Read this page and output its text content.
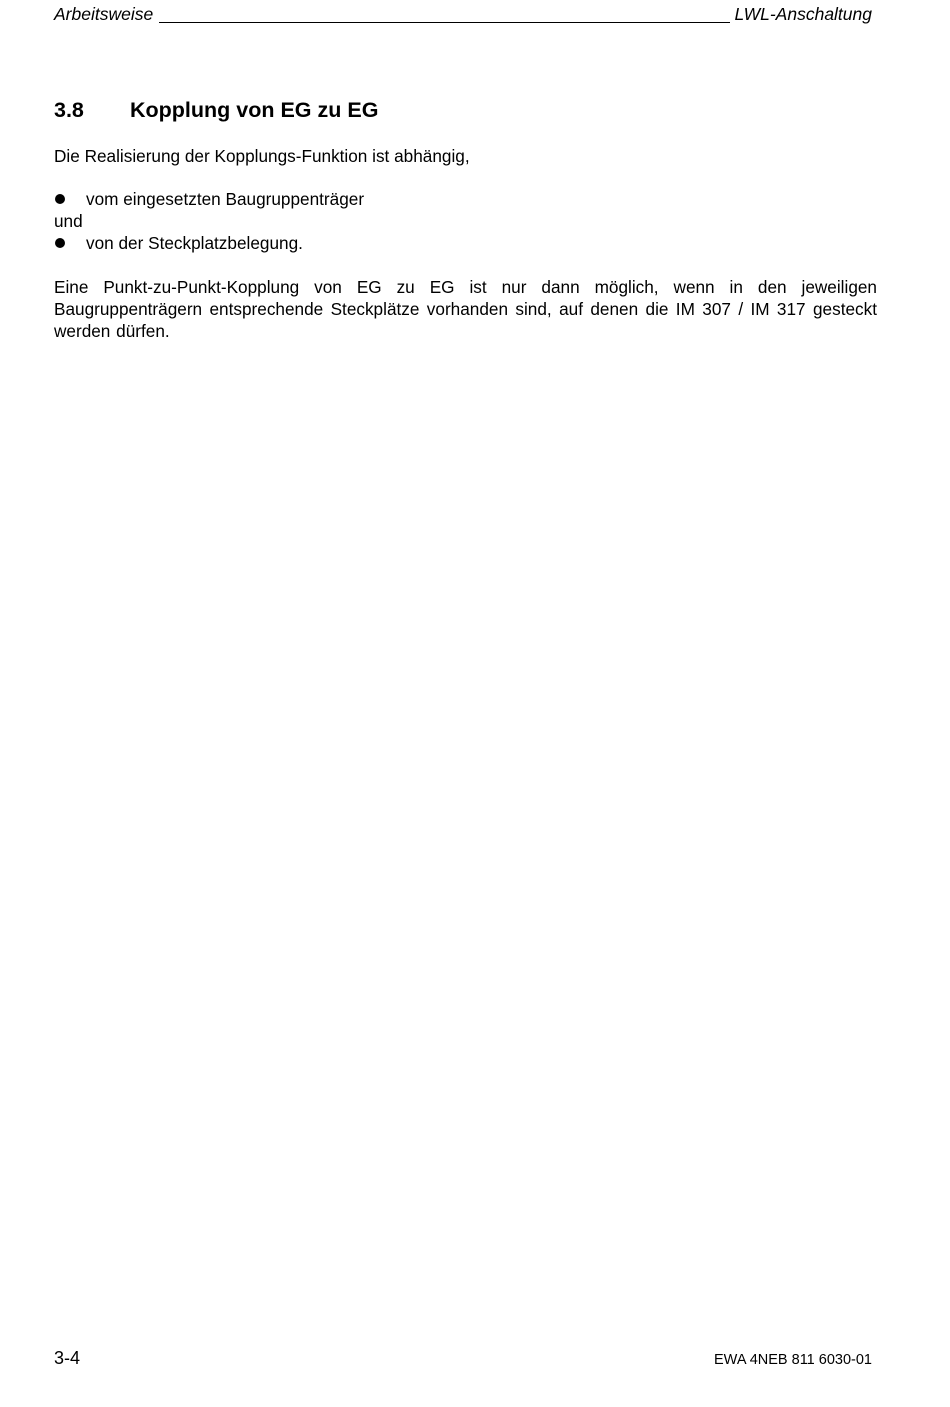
Arbeitsweise	LWL-Anschaltung
3.8 Kopplung von EG zu EG
Die Realisierung der Kopplungs-Funktion ist abhängig,
vom eingesetzten Baugruppenträger
und
von der Steckplatzbelegung.
Eine Punkt-zu-Punkt-Kopplung von EG zu EG ist nur dann möglich, wenn in den jeweiligen Baugruppenträgern entsprechende Steckplätze vorhanden sind, auf denen die IM 307 / IM 317 gesteckt werden dürfen.
3-4	EWA 4NEB 811 6030-01
